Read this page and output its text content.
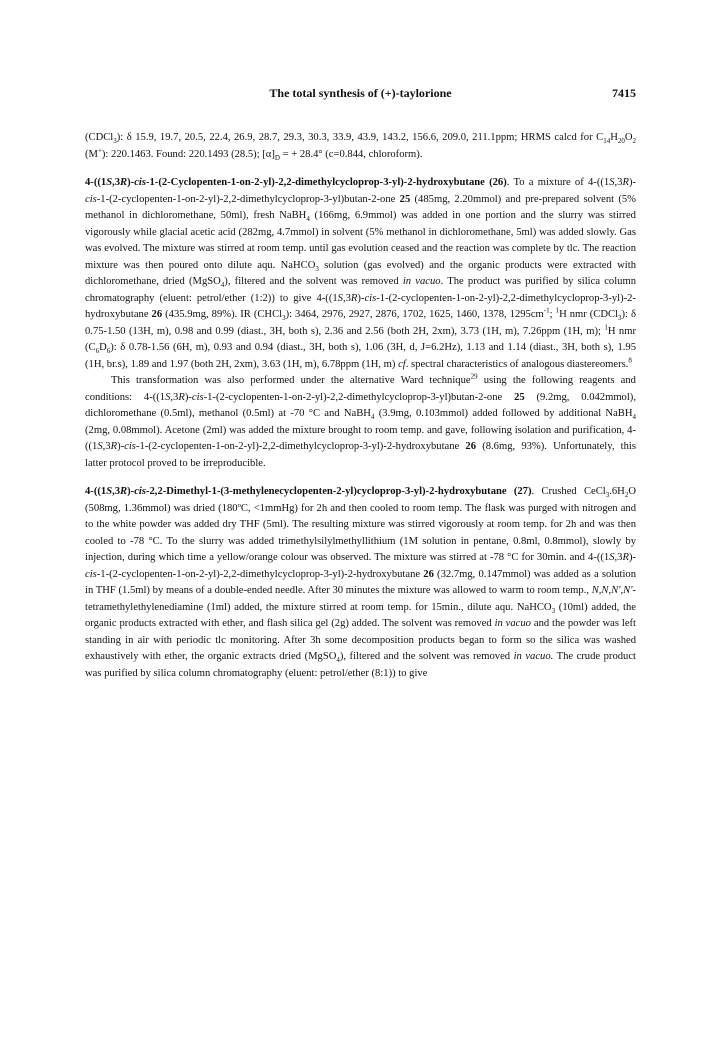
The total synthesis of (+)-taylorione	7415

(CDCl$_3$): δ 15.9, 19.7, 20.5, 22.4, 26.9, 28.7, 29.3, 30.3, 33.9, 43.9, 143.2, 156.6, 209.0, 211.1ppm; HRMS calcd for $C_{14}H_{20}O_2$ (M+): 220.1463. Found: 220.1493 (28.5); $[\alpha]_D$ = + 28.4° (c=0.844, chloroform).

4-((1S,3R)-cis-1-(2-Cyclopenten-1-on-2-yl)-2,2-dimethylcycloprop-3-yl)-2-hydroxybutane (26). To a mixture of 4-((1S,3R)-cis-1-(2-cyclopenten-1-on-2-yl)-2,2-dimethylcycloprop-3-yl)butan-2-one 25 (485mg, 2.20mmol) and pre-prepared solvent (5% methanol in dichloromethane, 50ml), fresh NaBH$_4$ (166mg, 6.9mmol) was added in one portion and the slurry was stirred vigorously while glacial acetic acid (282mg, 4.7mmol) in solvent (5% methanol in dichloromethane, 5ml) was added slowly. Gas was evolved. The mixture was stirred at room temp. until gas evolution ceased and the reaction was complete by tlc. The reaction mixture was then poured onto dilute aqu. NaHCO$_3$ solution (gas evolved) and the organic products were extracted with dichloromethane, dried (MgSO$_4$), filtered and the solvent was removed in vacuo. The product was purified by silica column chromatography (eluent: petrol/ether (1:2)) to give 4-((1S,3R)-cis-1-(2-cyclopenten-1-on-2-yl)-2,2-dimethylcycloprop-3-yl)-2-hydroxybutane 26 (435.9mg, 89%). IR (CHCl$_3$): 3464, 2976, 2927, 2876, 1702, 1625, 1460, 1378, $1295cm^{-1}$; $^1$H nmr (CDCl$_3$): δ 0.75-1.50 (13H, m), 0.98 and 0.99 (diast., 3H, both s), 2.36 and 2.56 (both 2H, 2xm), 3.73 (1H, m), 7.26ppm (1H, m); $^1$H nmr $(C_6D_6)$: δ 0.78-1.56 (6H, m), 0.93 and 0.94 (diast., 3H, both s), 1.06 (3H, d, J=6.2Hz), 1.13 and 1.14 (diast., 3H, both s), 1.95 (1H, br.s), 1.89 and 1.97 (both 2H, 2xm), 3.63 (1H, m), 6.78ppm (1H, m) cf. spectral characteristics of analogous diastereomers.$^8$

This transformation was also performed under the alternative Ward technique$^{29}$ using the following reagents and conditions: 4-((1S,3R)-cis-1-(2-cyclopenten-1-on-2-yl)-2,2-dimethylcycloprop-3-yl)butan-2-one 25 (9.2mg, 0.042mmol), dichloromethane (0.5ml), methanol (0.5ml) at -70 °C and NaBH$_4$ (3.9mg, 0.103mmol) added followed by additional NaBH$_4$ (2mg, 0.08mmol). Acetone (2ml) was added the mixture brought to room temp. and gave, following isolation and purification, 4-((1S,3R)-cis-1-(2-cyclopenten-1-on-2-yl)-2,2-dimethylcycloprop-3-yl)-2-hydroxybutane 26 (8.6mg, 93%). Unfortunately, this latter protocol proved to be irreproducible.

4-((1S,3R)-cis-2,2-Dimethyl-1-(3-methylenecyclopenten-2-yl)cycloprop-3-yl)-2-hydroxybutane (27). Crushed $CeCl_3.6H_2O$ (508mg, 1.36mmol) was dried (180ºC, <1mmHg) for 2h and then cooled to room temp. The flask was purged with nitrogen and to the white powder was added dry THF (5ml). The resulting mixture was stirred vigorously at room temp. for 2h and was then cooled to -78 °C. To the slurry was added trimethylsilylmethyllithium (1M solution in pentane, 0.8ml, 0.8mmol), slowly by injection, during which time a yellow/orange colour was observed. The mixture was stirred at -78 °C for 30min. and 4-((1S,3R)-cis-1-(2-cyclopenten-1-on-2-yl)-2,2-dimethylcycloprop-3-yl)-2-hydroxybutane 26 (32.7mg, 0.147mmol) was added as a solution in THF (1.5ml) by means of a double-ended needle. After 30 minutes the mixture was allowed to warm to room temp., N,N,N',N'-tetramethylethylenediamine (1ml) added, the mixture stirred at room temp. for 15min., dilute aqu. NaHCO$_3$ (10ml) added, the organic products extracted with ether, and flash silica gel (2g) added. The solvent was removed in vacuo and the powder was left standing in air with periodic tlc monitoring. After 3h some decomposition products began to form so the silica was washed exhaustively with ether, the organic extracts dried (MgSO$_4$), filtered and the solvent was removed in vacuo. The crude product was purified by silica column chromatography (eluent: petrol/ether (8:1)) to give
